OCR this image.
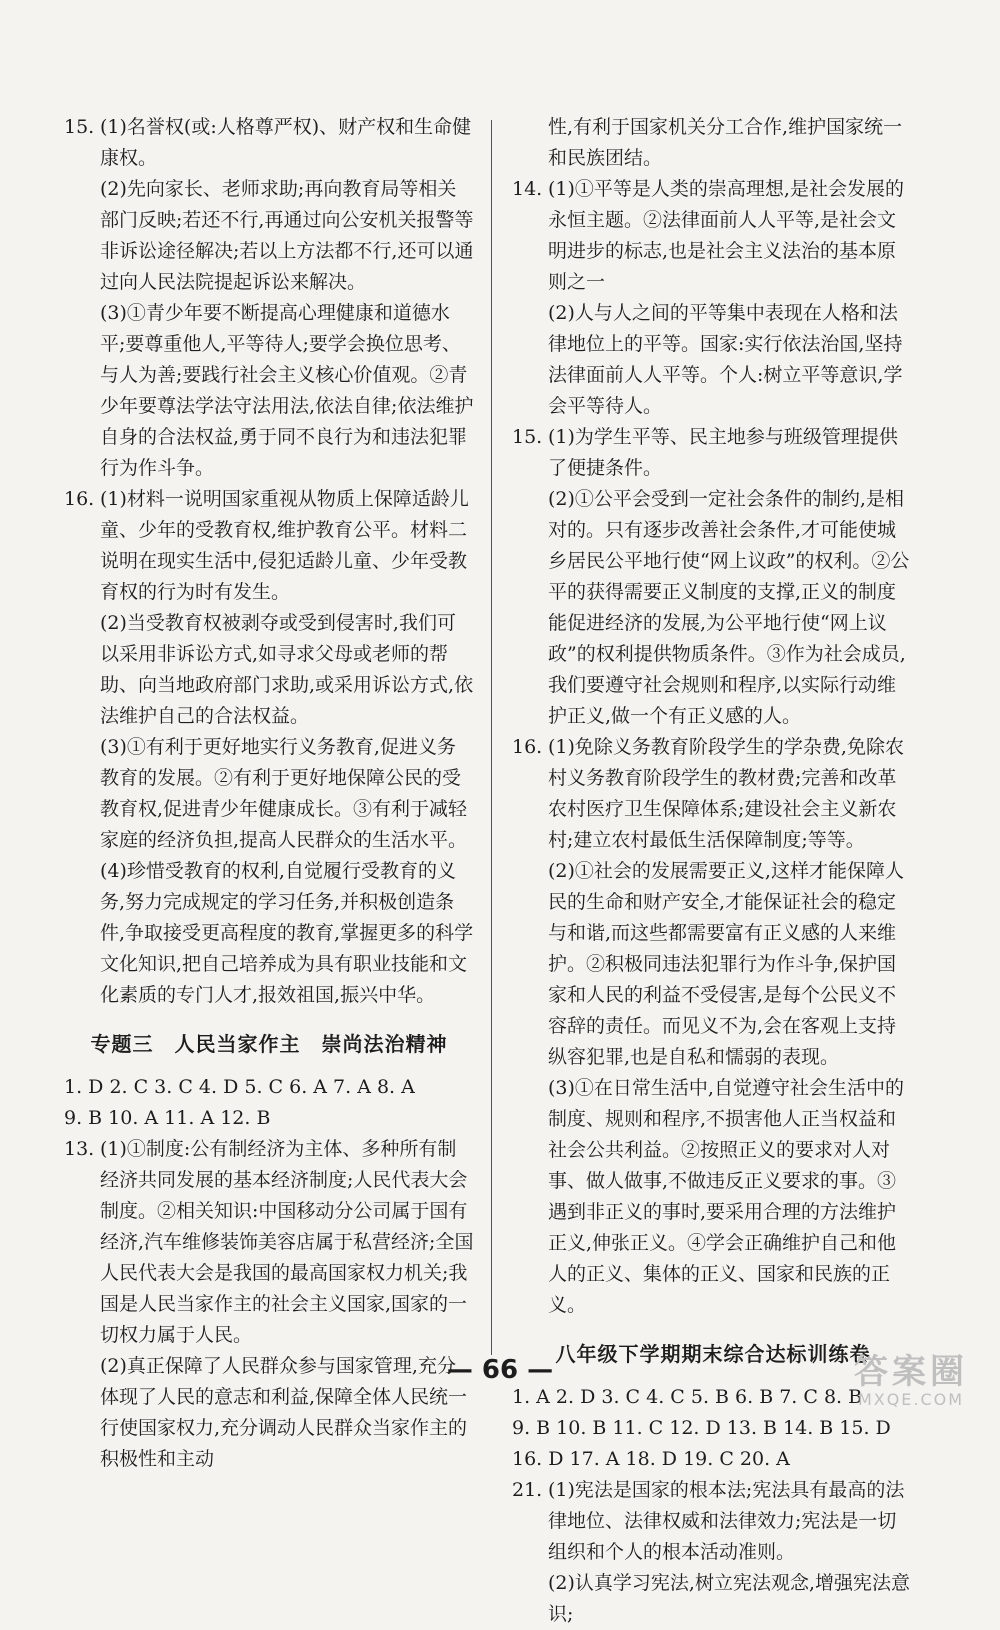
15. (1)名誉权(或:人格尊严权)、财产权和生命健康权。

(2)先向家长、老师求助;再向教育局等相关部门反映;若还不行,再通过向公安机关报警等非诉讼途径解决;若以上方法都不行,还可以通过向人民法院提起诉讼来解决。

(3)①青少年要不断提高心理健康和道德水平;要尊重他人,平等待人;要学会换位思考、与人为善;要践行社会主义核心价值观。②青少年要尊法学法守法用法,依法自律;依法维护自身的合法权益,勇于同不良行为和违法犯罪行为作斗争。

16. (1)材料一说明国家重视从物质上保障适龄儿童、少年的受教育权,维护教育公平。材料二说明在现实生活中,侵犯适龄儿童、少年受教育权的行为时有发生。

(2)当受教育权被剥夺或受到侵害时,我们可以采用非诉讼方式,如寻求父母或老师的帮助、向当地政府部门求助,或采用诉讼方式,依法维护自己的合法权益。

(3)①有利于更好地实行义务教育,促进义务教育的发展。②有利于更好地保障公民的受教育权,促进青少年健康成长。③有利于减轻家庭的经济负担,提高人民群众的生活水平。

(4)珍惜受教育的权利,自觉履行受教育的义务,努力完成规定的学习任务,并积极创造条件,争取接受更高程度的教育,掌握更多的科学文化知识,把自己培养成为具有职业技能和文化素质的专门人才,报效祖国,振兴中华。

专题三　人民当家作主　崇尚法治精神

1. D 2. C 3. C 4. D 5. C 6. A 7. A 8. A

9. B 10. A 11. A 12. B

13. (1)①制度:公有制经济为主体、多种所有制经济共同发展的基本经济制度;人民代表大会制度。②相关知识:中国移动分公司属于国有经济,汽车维修装饰美容店属于私营经济;全国人民代表大会是我国的最高国家权力机关;我国是人民当家作主的社会主义国家,国家的一切权力属于人民。

(2)真正保障了人民群众参与国家管理,充分体现了人民的意志和利益,保障全体人民统一行使国家权力,充分调动人民群众当家作主的积极性和主动

性,有利于国家机关分工合作,维护国家统一和民族团结。

14. (1)①平等是人类的崇高理想,是社会发展的永恒主题。②法律面前人人平等,是社会文明进步的标志,也是社会主义法治的基本原则之一

(2)人与人之间的平等集中表现在人格和法律地位上的平等。国家:实行依法治国,坚持法律面前人人平等。个人:树立平等意识,学会平等待人。

15. (1)为学生平等、民主地参与班级管理提供了便捷条件。

(2)①公平会受到一定社会条件的制约,是相对的。只有逐步改善社会条件,才可能使城乡居民公平地行使“网上议政”的权利。②公平的获得需要正义制度的支撑,正义的制度能促进经济的发展,为公平地行使“网上议政”的权利提供物质条件。③作为社会成员,我们要遵守社会规则和程序,以实际行动维护正义,做一个有正义感的人。

16. (1)免除义务教育阶段学生的学杂费,免除农村义务教育阶段学生的教材费;完善和改革农村医疗卫生保障体系;建设社会主义新农村;建立农村最低生活保障制度;等等。

(2)①社会的发展需要正义,这样才能保障人民的生命和财产安全,才能保证社会的稳定与和谐,而这些都需要富有正义感的人来维护。②积极同违法犯罪行为作斗争,保护国家和人民的利益不受侵害,是每个公民义不容辞的责任。而见义不为,会在客观上支持纵容犯罪,也是自私和懦弱的表现。

(3)①在日常生活中,自觉遵守社会生活中的制度、规则和程序,不损害他人正当权益和社会公共利益。②按照正义的要求对人对事、做人做事,不做违反正义要求的事。③遇到非正义的事时,要采用合理的方法维护正义,伸张正义。④学会正确维护自己和他人的正义、集体的正义、国家和民族的正义。

八年级下学期期末综合达标训练卷

1. A 2. D 3. C 4. C 5. B 6. B 7. C 8. B

9. B 10. B 11. C 12. D 13. B 14. B 15. D

16. D 17. A 18. D 19. C 20. A

21. (1)宪法是国家的根本法;宪法具有最高的法律地位、法律权威和法律效力;宪法是一切组织和个人的根本活动准则。

(2)认真学习宪法,树立宪法观念,增强宪法意识;

— 66 —	答案圈
MXQE.COM
